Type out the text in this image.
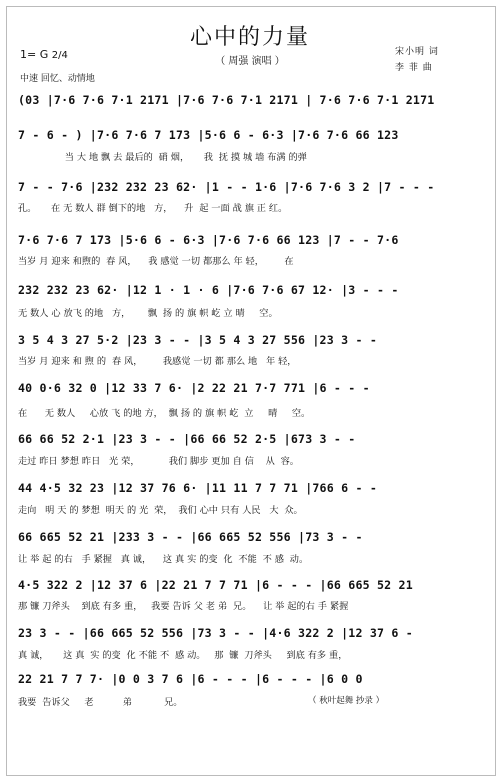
心中的力量
（ 周强 演唱 ）
1= G 2/4
中速 回忆、动情地
宋小明 词
李 菲 曲
(03 |7·6 7·6 7·1 2171 |7·6 7·6 7·1 2171 | 7·6 7·6 7·1 2171
7 - 6 - ) |7·6 7·6 7 173 |5·6 6 - 6·3 |7·6 7·6 66 123
当 大 地 飘 去 最后的  硝 烟，     我  抚 摸 城 墙 布满 的弹
7 - - 7·6 |232 232 23 62· |1 - - 1·6 |7·6 7·6 3 2 |7 - - -
孔。     在 无 数人 群 倒下的地   方，    升  起 一面 战 旗 正 红。
7·6 7·6 7 173 |5·6 6 - 6·3 |7·6 7·6 66 123 |7 - - 7·6
当岁 月 迎来 和煦的  春 风，    我 感觉 一切 都那么 年 轻，       在
232 232 23 62· |12 1 · 1 · 6 |7·6 7·6 67 12· |3 - - -
无 数人 心 放飞 的地   方，      飘  扬 的 旗 帜 屹 立 晴     空。
3 5 4 3 27 5·2 |23 3 - - |3 5 4 3 27 556 |23 3 - -
当岁 月 迎来 和 煦 的  春 风，       我感觉 一切 都 那么 地   年 轻，
40 0·6 32 0 |12 33 7 6· |2 22 21 7·7 771 |6 - - -
在      无 数人     心放 飞 的地 方，  飘 扬 的 旗 帜 屹  立     晴     空。
66 66 52 2·1 |23 3 - - |66 66 52 2·5 |673 3 - -
走过 昨日 梦想 昨日   光 荣，          我们 脚步 更加 自 信    从  容。
44 4·5 32 23 |12 37 76 6· |11 11 7 7 71 |766 6 - -
走向   明 天 的 梦想  明天 的 光  荣，  我们 心中 只有 人民   大  众。
66 665 52 21 |233 3 - - |66 665 52 556 |73 3 - -
让 举 起 的右   手 紧握   真 诚，    这 真 实 的变  化  不能  不 感  动。
4·5 322 2 |12 37 6 |22 21 7 7 71 |6 - - - |66 665 52 21
那 镰 刀斧头    到底 有多 重，   我要 告诉 父 老 弟  兄。    让 举 起的右 手 紧握
23 3 - - |66 665 52 556 |73 3 - - |4·6 322 2 |12 37 6 -
真 诚，     这 真  实 的变  化 不能 不  感 动。   那  镰  刀斧头     到底 有多 重，
22 21 7 7 7· |0 0 3 7 6 |6 - - - |6 - - - |6 0 0
我要  告诉父     老          弟           兄。	（ 秋叶起舞 抄录 ）
